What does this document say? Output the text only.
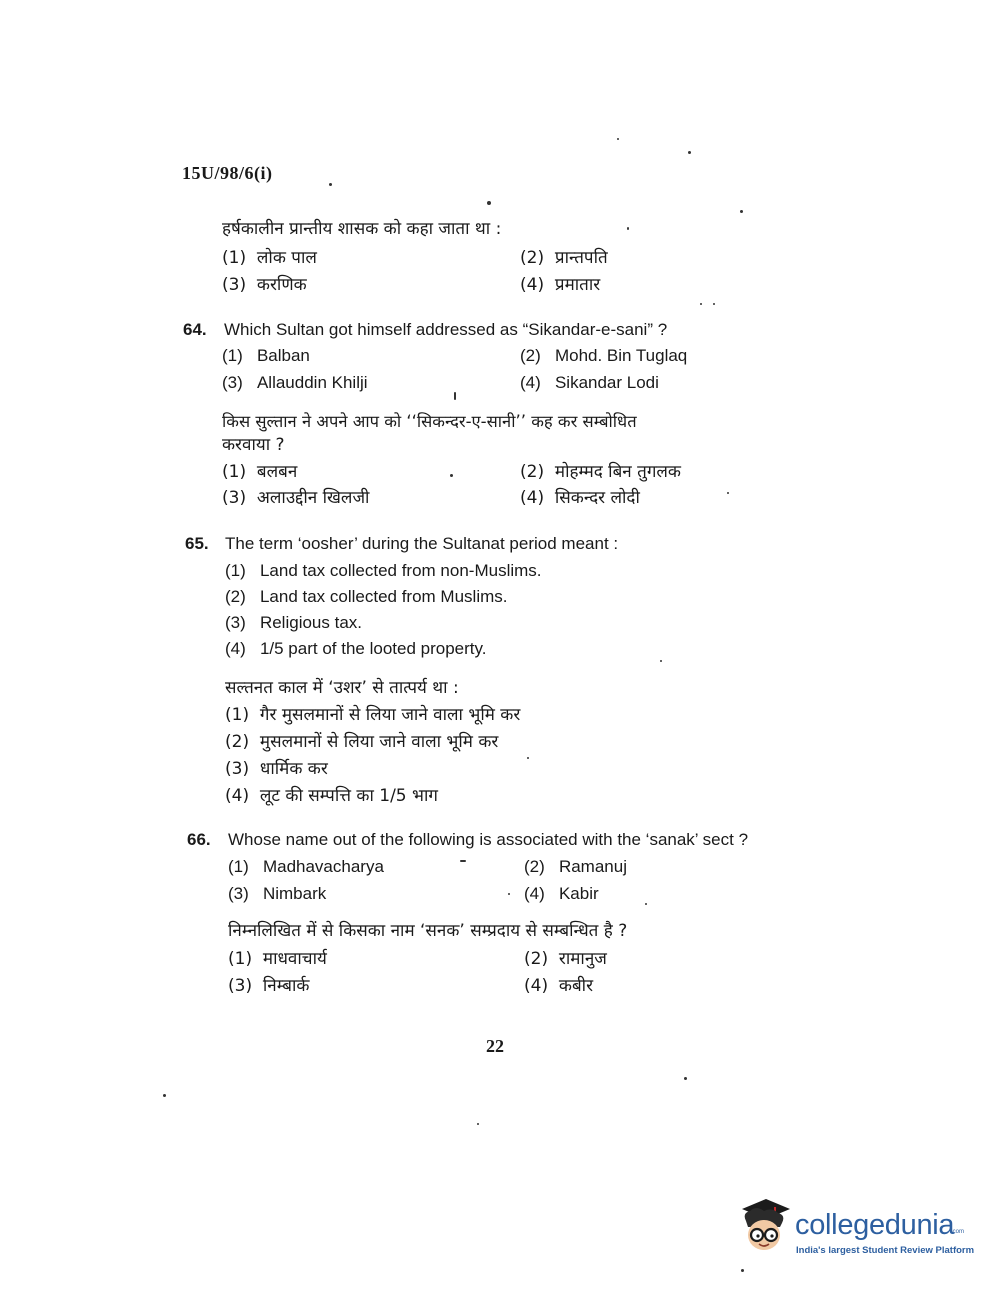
15U/98/6(i)
हर्षकालीन प्रान्तीय शासक को कहा जाता था :
(1) लोक पाल	(2) प्रान्तपति
(3) करणिक	(4) प्रमातार
64. Which Sultan got himself addressed as “Sikandar-e-sani” ?
(1) Balban	(2) Mohd. Bin Tuglaq
(3) Allauddin Khilji	(4) Sikandar Lodi
किस सुल्तान ने अपने आप को ‘‘सिकन्दर-ए-सानी’’ कह कर सम्बोधित
करवाया ?
(1) बलबन	(2) मोहम्मद बिन तुगलक
(3) अलाउद्दीन खिलजी	(4) सिकन्दर लोदी
65. The term ‘oosher’ during the Sultanat period meant :
(1) Land tax collected from non-Muslims.
(2) Land tax collected from Muslims.
(3) Religious tax.
(4) 1/5 part of the looted property.
सल्तनत काल में ‘उशर’ से तात्पर्य था :
(1) गैर मुसलमानों से लिया जाने वाला भूमि कर
(2) मुसलमानों से लिया जाने वाला भूमि कर
(3) धार्मिक कर
(4) लूट की सम्पत्ति का 1/5 भाग
66. Whose name out of the following is associated with the ‘sanak’ sect ?
(1) Madhavacharya	(2) Ramanuj
(3) Nimbark	(4) Kabir
निम्नलिखित में से किसका नाम ‘सनक’ सम्प्रदाय से सम्बन्धित है ?
(1) माधवाचार्य	(2) रामानुज
(3) निम्बार्क	(4) कबीर
22
collegedunia
.com
India's largest Student Review Platform
